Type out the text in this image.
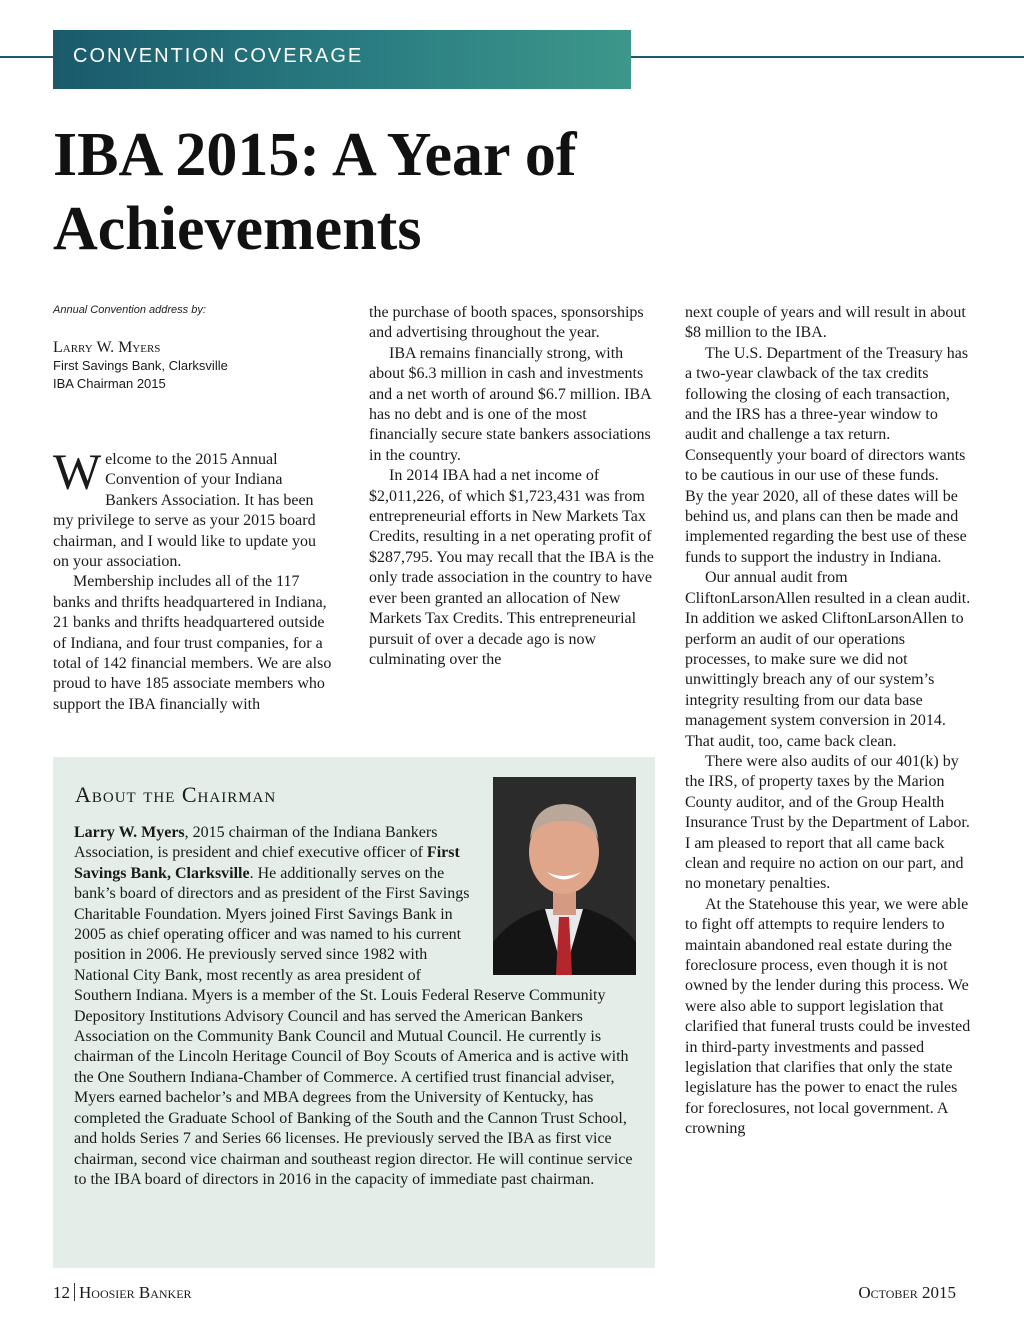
CONVENTION COVERAGE
IBA 2015: A Year of Achievements
Annual Convention address by:
Larry W. Myers
First Savings Bank, Clarksville
IBA Chairman 2015

Welcome to the 2015 Annual Convention of your Indiana Bankers Association. It has been my privilege to serve as your 2015 board chairman, and I would like to update you on your association.

Membership includes all of the 117 banks and thrifts headquartered in Indiana, 21 banks and thrifts headquartered outside of Indiana, and four trust companies, for a total of 142 financial members. We are also proud to have 185 associate members who support the IBA financially with

the purchase of booth spaces, sponsorships and advertising throughout the year.

IBA remains financially strong, with about $6.3 million in cash and investments and a net worth of around $6.7 million. IBA has no debt and is one of the most financially secure state bankers associations in the country.

In 2014 IBA had a net income of $2,011,226, of which $1,723,431 was from entrepreneurial efforts in New Markets Tax Credits, resulting in a net operating profit of $287,795. You may recall that the IBA is the only trade association in the country to have ever been granted an allocation of New Markets Tax Credits. This entrepreneurial pursuit of over a decade ago is now culminating over the

next couple of years and will result in about $8 million to the IBA.

The U.S. Department of the Treasury has a two-year clawback of the tax credits following the closing of each transaction, and the IRS has a three-year window to audit and challenge a tax return. Consequently your board of directors wants to be cautious in our use of these funds.

By the year 2020, all of these dates will be behind us, and plans can then be made and implemented regarding the best use of these funds to support the industry in Indiana.

Our annual audit from CliftonLarsonAllen resulted in a clean audit. In addition we asked CliftonLarsonAllen to perform an audit of our operations processes, to make sure we did not unwittingly breach any of our system’s integrity resulting from our data base management system conversion in 2014. That audit, too, came back clean.

There were also audits of our 401(k) by the IRS, of property taxes by the Marion County auditor, and of the Group Health Insurance Trust by the Department of Labor. I am pleased to report that all came back clean and require no action on our part, and no monetary penalties.

At the Statehouse this year, we were able to fight off attempts to require lenders to maintain abandoned real estate during the foreclosure process, even though it is not owned by the lender during this process. We were also able to support legislation that clarified that funeral trusts could be invested in third-party investments and passed legislation that clarifies that only the state legislature has the power to enact the rules for foreclosures, not local government. A crowning

About the Chairman
Larry W. Myers, 2015 chairman of the Indiana Bankers Association, is president and chief executive officer of First Savings Bank, Clarksville. He additionally serves on the bank’s board of directors and as president of the First Savings Charitable Foundation. Myers joined First Savings Bank in 2005 as chief operating officer and was named to his current position in 2006. He previously served since 1982 with National City Bank, most recently as area president of Southern Indiana. Myers is a member of the St. Louis Federal Reserve Community Depository Institutions Advisory Council and has served the American Bankers Association on the Community Bank Council and Mutual Council. He currently is chairman of the Lincoln Heritage Council of Boy Scouts of America and is active with the One Southern Indiana-Chamber of Commerce. A certified trust financial adviser, Myers earned bachelor’s and MBA degrees from the University of Kentucky, has completed the Graduate School of Banking of the South and the Cannon Trust School, and holds Series 7 and Series 66 licenses. He previously served the IBA as first vice chairman, second vice chairman and southeast region director. He will continue service to the IBA board of directors in 2016 in the capacity of immediate past chairman.
12 Hoosier Banker	October 2015
